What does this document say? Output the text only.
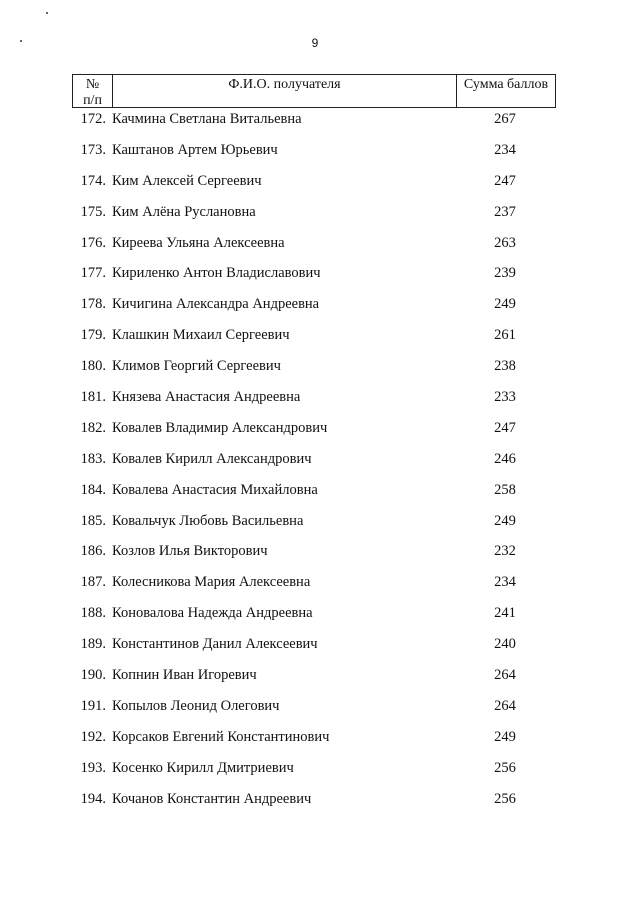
9
№
п/п
Ф.И.О. получателя	Сумма баллов
172. Качмина Светлана Витальевна	267
173. Каштанов Артем Юрьевич	234
174. Ким Алексей Сергеевич	247
175. Ким Алёна Руслановна	237
176. Киреева Ульяна Алексеевна	263
177. Кириленко Антон Владиславович	239
178. Кичигина Александра Андреевна	249
179. Клашкин Михаил Сергеевич	261
180. Климов Георгий Сергеевич	238
181. Князева Анастасия Андреевна	233
182. Ковалев Владимир Александрович	247
183. Ковалев Кирилл Александрович	246
184. Ковалева Анастасия Михайловна	258
185. Ковальчук Любовь Васильевна	249
186. Козлов Илья Викторович	232
187. Колесникова Мария Алексеевна	234
188. Коновалова Надежда Андреевна	241
189. Константинов Данил Алексеевич	240
190. Копнин Иван Игоревич	264
191. Копылов Леонид Олегович	264
192. Корсаков Евгений Константинович	249
193. Косенко Кирилл Дмитриевич	256
194. Кочанов Константин Андреевич	256
